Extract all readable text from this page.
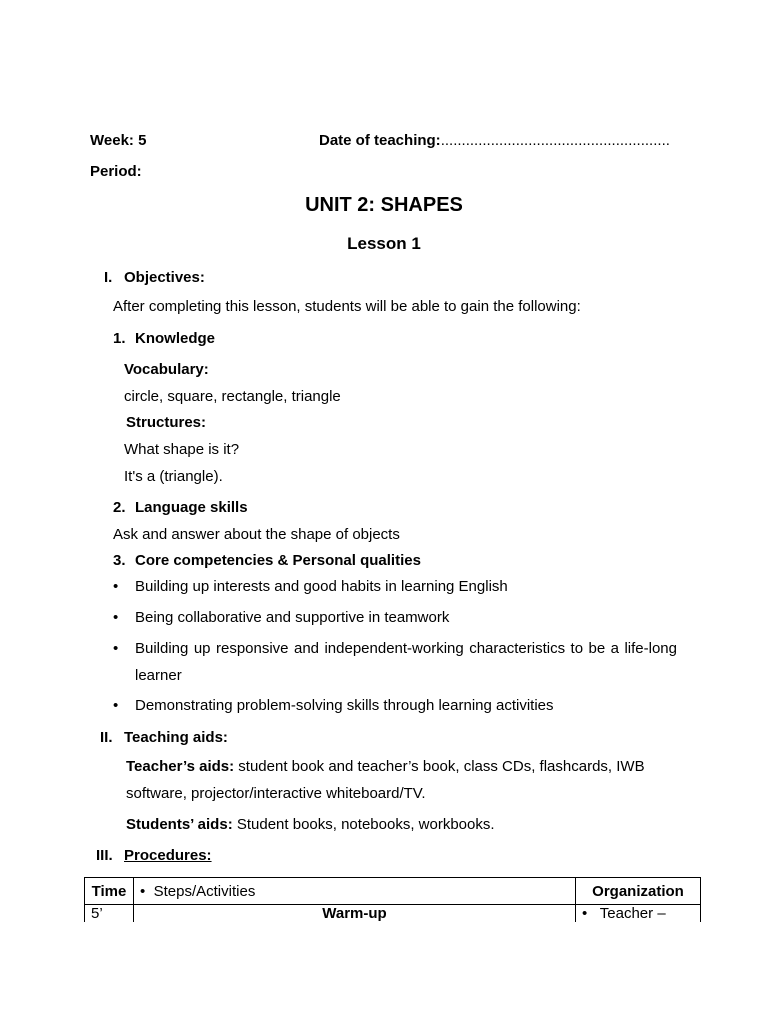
Week: 5	Date of teaching:.......................................................
Period:
UNIT 2: SHAPES
Lesson 1
I. Objectives:
After completing this lesson, students will be able to gain the following:
1. Knowledge
Vocabulary:
circle, square, rectangle, triangle
Structures:
What shape is it?
It's a (triangle).
2. Language skills
Ask and answer about the shape of objects
3. Core competencies & Personal qualities
• Building up interests and good habits in learning English
• Being collaborative and supportive in teamwork
• Building up responsive and independent-working characteristics to be a life-long learner
• Demonstrating problem-solving skills through learning activities
II. Teaching aids:
Teacher’s aids: student book and teacher’s book, class CDs, flashcards, IWB software, projector/interactive whiteboard/TV.
Students’ aids: Student books, notebooks, workbooks.
III. Procedures:
Time	• Steps/Activities	Organization
5’	Warm-up	• Teacher –
